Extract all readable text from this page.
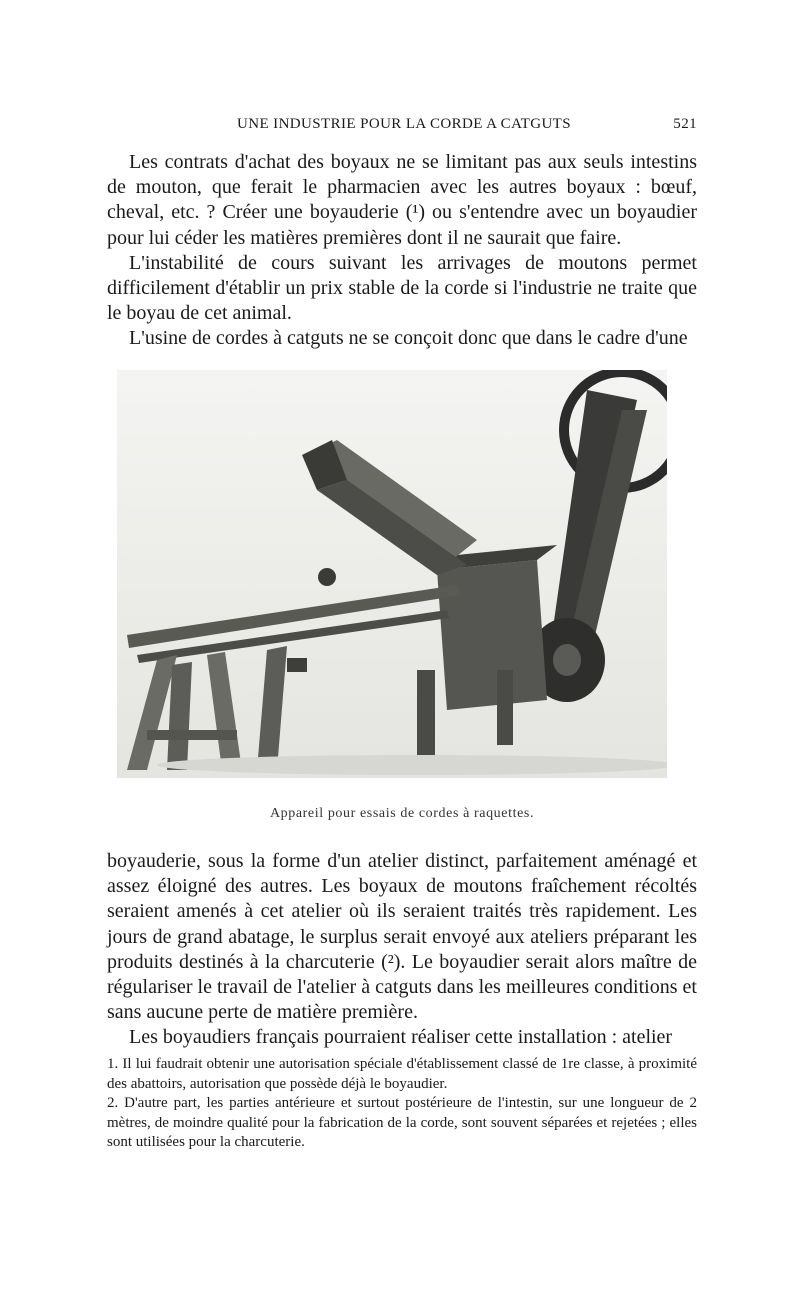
UNE INDUSTRIE POUR LA CORDE A CATGUTS	521

Les contrats d'achat des boyaux ne se limitant pas aux seuls intestins de mouton, que ferait le pharmacien avec les autres boyaux : bœuf, cheval, etc. ? Créer une boyauderie (¹) ou s'entendre avec un boyaudier pour lui céder les matières premières dont il ne saurait que faire.

L'instabilité de cours suivant les arrivages de moutons permet difficilement d'établir un prix stable de la corde si l'industrie ne traite que le boyau de cet animal.

L'usine de cordes à catguts ne se conçoit donc que dans le cadre d'une

Appareil pour essais de cordes à raquettes.

boyauderie, sous la forme d'un atelier distinct, parfaitement aménagé et assez éloigné des autres. Les boyaux de moutons fraîchement récoltés seraient amenés à cet atelier où ils seraient traités très rapidement. Les jours de grand abatage, le surplus serait envoyé aux ateliers préparant les produits destinés à la charcuterie (²). Le boyaudier serait alors maître de régulariser le travail de l'atelier à catguts dans les meilleures conditions et sans aucune perte de matière première.

Les boyaudiers français pourraient réaliser cette installation : atelier

1. Il lui faudrait obtenir une autorisation spéciale d'établissement classé de 1re classe, à proximité des abattoirs, autorisation que possède déjà le boyaudier.

2. D'autre part, les parties antérieure et surtout postérieure de l'intestin, sur une longueur de 2 mètres, de moindre qualité pour la fabrication de la corde, sont souvent séparées et rejetées ; elles sont utilisées pour la charcuterie.
